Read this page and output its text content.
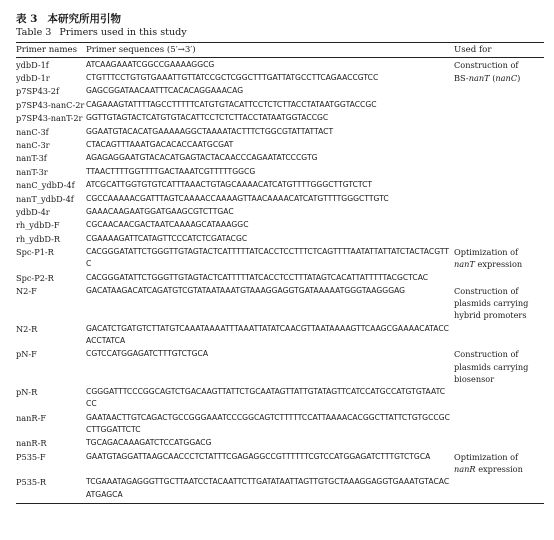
表 3 本研究所用引物
Table 3 Primers used in this study
Primer names	Primer sequences (5′→3′)	Used for
ydbD-1f	ATCAAGAAATCGGCCGAAAAGGCG	Construction of

ydbD-1r	CTGTTTCCTGTGTGAAATTGTTATCCGCTCGGCTTTGATTATGCCTTCAGAACCGTCC	BS-nanT (nanC)

p7SP43-2f	GAGCGGATAACAATTTCACACAGGAAACAG	
p7SP43-nanC-2r	CAGAAAGTATTTTAGCCTTTTTCATGTGTACATTCCTCTCTTACCTATAATGGTACCGC	
p7SP43-nanT-2r	GGTTGTAGTACTCATGTGTACATTCCTCTCTTACCTATAATGGTACCGC	
nanC-3f	GGAATGTACACATGAAAAAGGCTAAAATACTTTCTGGCGTATTATTACT	
nanC-3r	CTACAGTTTAAATGACACACCAATGCGAT	
nanT-3f	AGAGAGGAATGTACACATGAGTACTACAACCCAGAATATCCCGTG	
nanT-3r	TTAACTTTTGGTTTTGACTAAATCGTTTTTGGCG	
nanC_ydbD-4f	ATCGCATTGGTGTGTCATTTAAACTGTAGCAAAACATCATGTTTTGGGCTTGTCTCT	
nanT_ydbD-4f	CGCCAAAAACGATTTAGTCAAAACCAAAAGTTAACAAAACATCATGTTTTGGGCTTGTC	
ydbD-4r	GAAACAAGAATGGATGAAGCGTCTTGAC	
rh_ydbD-F	CGCAACAACGACTAATCAAAAGCATAAAGGC	
rh_ydbD-R	CGAAAAGATTCATAGTTCCCATCTCGATACGC	
Spc-P1-R	CACGGGATATTCTGGGTTGTAGTACTCATTTTTATCACCTCCTTTCTCAGTTTTAATATTATTATCTACTACGTTC	Optimization of
nanT expression

Spc-P2-R	CACGGGATATTCTGGGTTGTAGTACTCATTTTTATCACCTCCTTTATAGTCACATTATTTTTACGCTCAC	
N2-F	GACATAAGACATCAGATGTCGTATAATAAATGTAAAGGAGGTGATAAAAATGGGTAAGGGAG	Construction of
plasmids carrying
hybrid promoters

N2-R	GACATCTGATGTCTTATGTCAAATAAAATTTAAATTATATCAACGTTAATAAAAGTTCAAGCGAAAACATACCACCTATCA	
pN-F	CGTCCATGGAGATCTTTGTCTGCA	Construction of
plasmids carrying
biosensor

pN-R	CGGGATTTCCCGGCAGTCTGACAAGTTATTCTGCAATAGTTATTGTATAGTTCATCCATGCCATGTGTAATCCC	
nanR-F	GAATAACTTGTCAGACTGCCGGGAAATCCCGGCAGTCTTTTTCCATTAAAACACGGCTTATTCTGTGCCGCCTTGGATTCTC	
nanR-R	TGCAGACAAAGATCTCCATGGACG	
P535-F	GAATGTAGGATTAAGCAACCCTCTATTTCGAGAGGCCGTTTTTTCGTCCATGGAGATCTTTGTCTGCA	Optimization of
nanR expression

P535-R	TCGAAATAGAGGGTTGCTTAATCCTACAATTCTTGATATAATTAGTTGTGCTAAAGGAGGTGAAATGTACACATGAGCA	
